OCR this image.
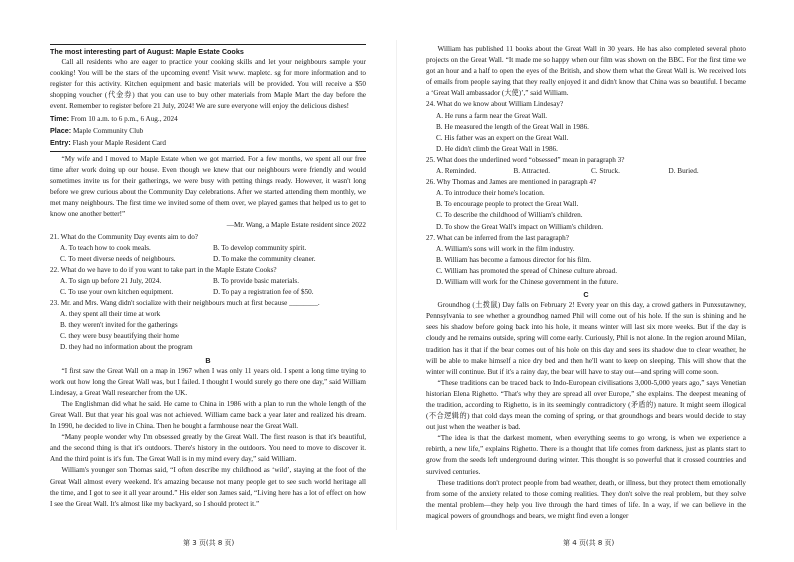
The most interesting part of August: Maple Estate Cooks

Call all residents who are eager to practice your cooking skills and let your neighbours sample your cooking! You will be the stars of the upcoming event! Visit www. mapletc. sg for more information and to register for this activity. Kitchen equipment and basic materials will be provided. You will receive a $50 shopping voucher (代金券) that you can use to buy other materials from Maple Mart the day before the event. Remember to register before 21 July, 2024! We are sure everyone will enjoy the delicious dishes!

Time: From 10 a.m. to 6 p.m., 6 Aug., 2024
Place: Maple Community Club
Entry: Flash your Maple Resident Card

“My wife and I moved to Maple Estate when we got married. For a few months, we spent all our free time after work doing up our house. Even though we knew that our neighbours were friendly and would sometimes invite us for their gatherings, we were busy with petting things ready. However, it wasn't long before we grew curious about the Community Day celebrations. After we started attending them monthly, we met many neighbours. The first time we invited some of them over, we played games that helped us to get to know one another better!”

—Mr. Wang, a Maple Estate resident since 2022

21. What do the Community Day events aim to do?

A. To teach how to cook meals.	B. To develop community spirit.
C. To meet diverse needs of neighbours.	D. To make the community cleaner.

22. What do we have to do if you want to take part in the Maple Estate Cooks?

A. To sign up before 21 July, 2024.	B. To provide basic materials.
C. To use your own kitchen equipment.	D. To pay a registration fee of $50.

23. Mr. and Mrs. Wang didn't socialize with their neighbours much at first because ________.

A. they spent all their time at work
B. they weren't invited for the gatherings
C. they were busy beautifying their home
D. they had no information about the program
B

“I first saw the Great Wall on a map in 1967 when I was only 11 years old. I spent a long time trying to work out how long the Great Wall was, but I failed. I thought I would surely go there one day,” said William Lindesay, a Great Wall researcher from the UK.

The Englishman did what he said. He came to China in 1986 with a plan to run the whole length of the Great Wall. But that year his goal was not achieved. William came back a year later and realized his dream. In 1990, he decided to live in China. Then he bought a farmhouse near the Great Wall.

“Many people wonder why I'm obsessed greatly by the Great Wall. The first reason is that it's beautiful, and the second thing is that it's outdoors. There's history in the outdoors. You need to move to discover it. And the third point is it's fun. The Great Wall is in my mind every day,” said William.

William's younger son Thomas said, “I often describe my childhood as ‘wild’, staying at the foot of the Great Wall almost every weekend. It's amazing because not many people get to see such world heritage all the time, and I got to see it all year around.” His elder son James said, “Living here has a lot of effect on how I see the Great Wall. It's almost like my backyard, so I should protect it.”

William has published 11 books about the Great Wall in 30 years. He has also completed several photo projects on the Great Wall. “It made me so happy when our film was shown on the BBC. For the first time we got an hour and a half to open the eyes of the British, and show them what the Great Wall is. We received lots of emails from people saying that they really enjoyed it and didn't know that China was so beautiful. I became a ‘Great Wall ambassador (大使)’,” said William.

24. What do we know about William Lindesay?

A. He runs a farm near the Great Wall.
B. He measured the length of the Great Wall in 1986.
C. His father was an expert on the Great Wall.
D. He didn't climb the Great Wall in 1986.

25. What does the underlined word “obsessed” mean in paragraph 3?

A. Reminded.	B. Attracted.	C. Struck.	D. Buried.

26. Why Thomas and James are mentioned in paragraph 4?

A. To introduce their home's location.
B. To encourage people to protect the Great Wall.
C. To describe the childhood of William's children.
D. To show the Great Wall's impact on William's children.

27. What can be inferred from the last paragraph?

A. William's sons will work in the film industry.
B. William has become a famous director for his film.
C. William has promoted the spread of Chinese culture abroad.
D. William will work for the Chinese government in the future.
C

Groundhog (土拨鼠) Day falls on February 2! Every year on this day, a crowd gathers in Punxsutawney, Pennsylvania to see whether a groundhog named Phil will come out of his hole. If the sun is shining and he sees his shadow before going back into his hole, it means winter will last six more weeks. But if the day is cloudy and he remains outside, spring will come early. Curiously, Phil is not alone. In the region around Milan, tradition has it that if the bear comes out of his hole on this day and sees its shadow due to clear weather, he will be able to make himself a nice dry bed and then he'll want to keep on sleeping. This will show that the winter will continue. But if it's a rainy day, the bear will have to stay out—and spring will come soon.

“These traditions can be traced back to Indo-European civilisations 3,000-5,000 years ago,” says Venetian historian Elena Righetto. “That's why they are spread all over Europe,” she explains. The deepest meaning of the tradition, according to Righetto, is in its seemingly contradictory (矛盾的) nature. It might seem illogical (不合逻辑的) that cold days mean the coming of spring, or that groundhogs and bears would decide to stay out just when the weather is bad.

“The idea is that the darkest moment, when everything seems to go wrong, is when we experience a rebirth, a new life,” explains Righetto. There is a thought that life comes from darkness, just as plants start to grow from the seeds left underground during winter. This thought is so powerful that it crossed countries and survived centuries.

These traditions don't protect people from bad weather, death, or illness, but they protect them emotionally from some of the anxiety related to those coming realities. They don't solve the real problem, but they solve the mental problem—they help you live through the hard times of life. In a way, if we can believe in the magical powers of groundhogs and bears, we might find even a longer

第 3 页(共 8 页)	第 4 页(共 8 页)
